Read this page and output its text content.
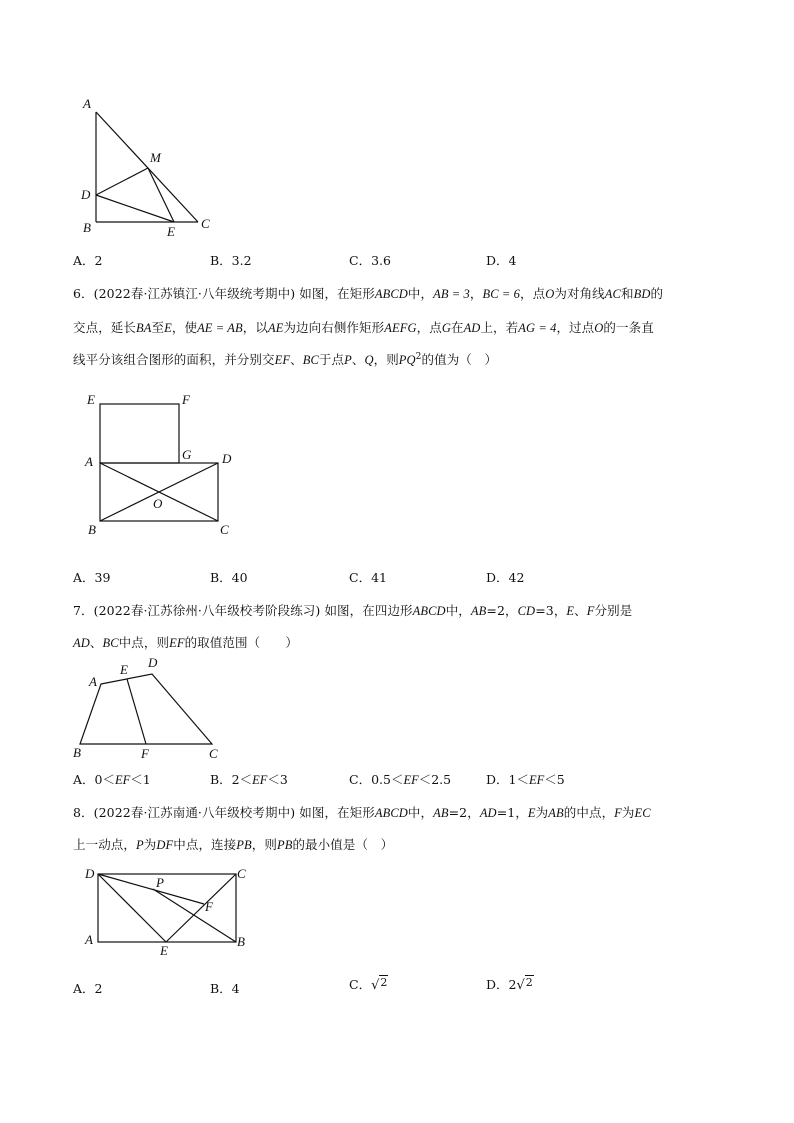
A
M
D
B	E
C
A．2	B．3.2	C．3.6	D．4
6．(2022春·江苏镇江·八年级统考期中) 如图，在矩形ABCD中，AB = 3，BC = 6，点O为对角线AC和BD的
交点，延长BA至E，使AE = AB，以AE为边向右侧作矩形AEFG，点G在AD上，若AG = 4，过点O的一条直
线平分该组合图形的面积，并分别交EF、BC于点P、Q，则$PQ^2$的值为（　）
E	F
A	G D
O
B	C
A．39	B．40	C．41	D．42
7．(2022春·江苏徐州·八年级校考阶段练习) 如图，在四边形ABCD中，AB=2，CD=3，E、F分别是
AD、BC中点，则EF的取值范围（　　）
A
E D
B	F	C
A．0＜EF＜1	B．2＜EF＜3	C．0.5＜EF＜2.5	D．1＜EF＜5
8．(2022春·江苏南通·八年级校考期中) 如图，在矩形ABCD中，AB=2，AD=1，E为AB的中点，F为EC
上一动点，P为DF中点，连接PB，则PB的最小值是（　）
D
P
C
F
A
E
B
A．2	B．4	C．√2	D．2√2
